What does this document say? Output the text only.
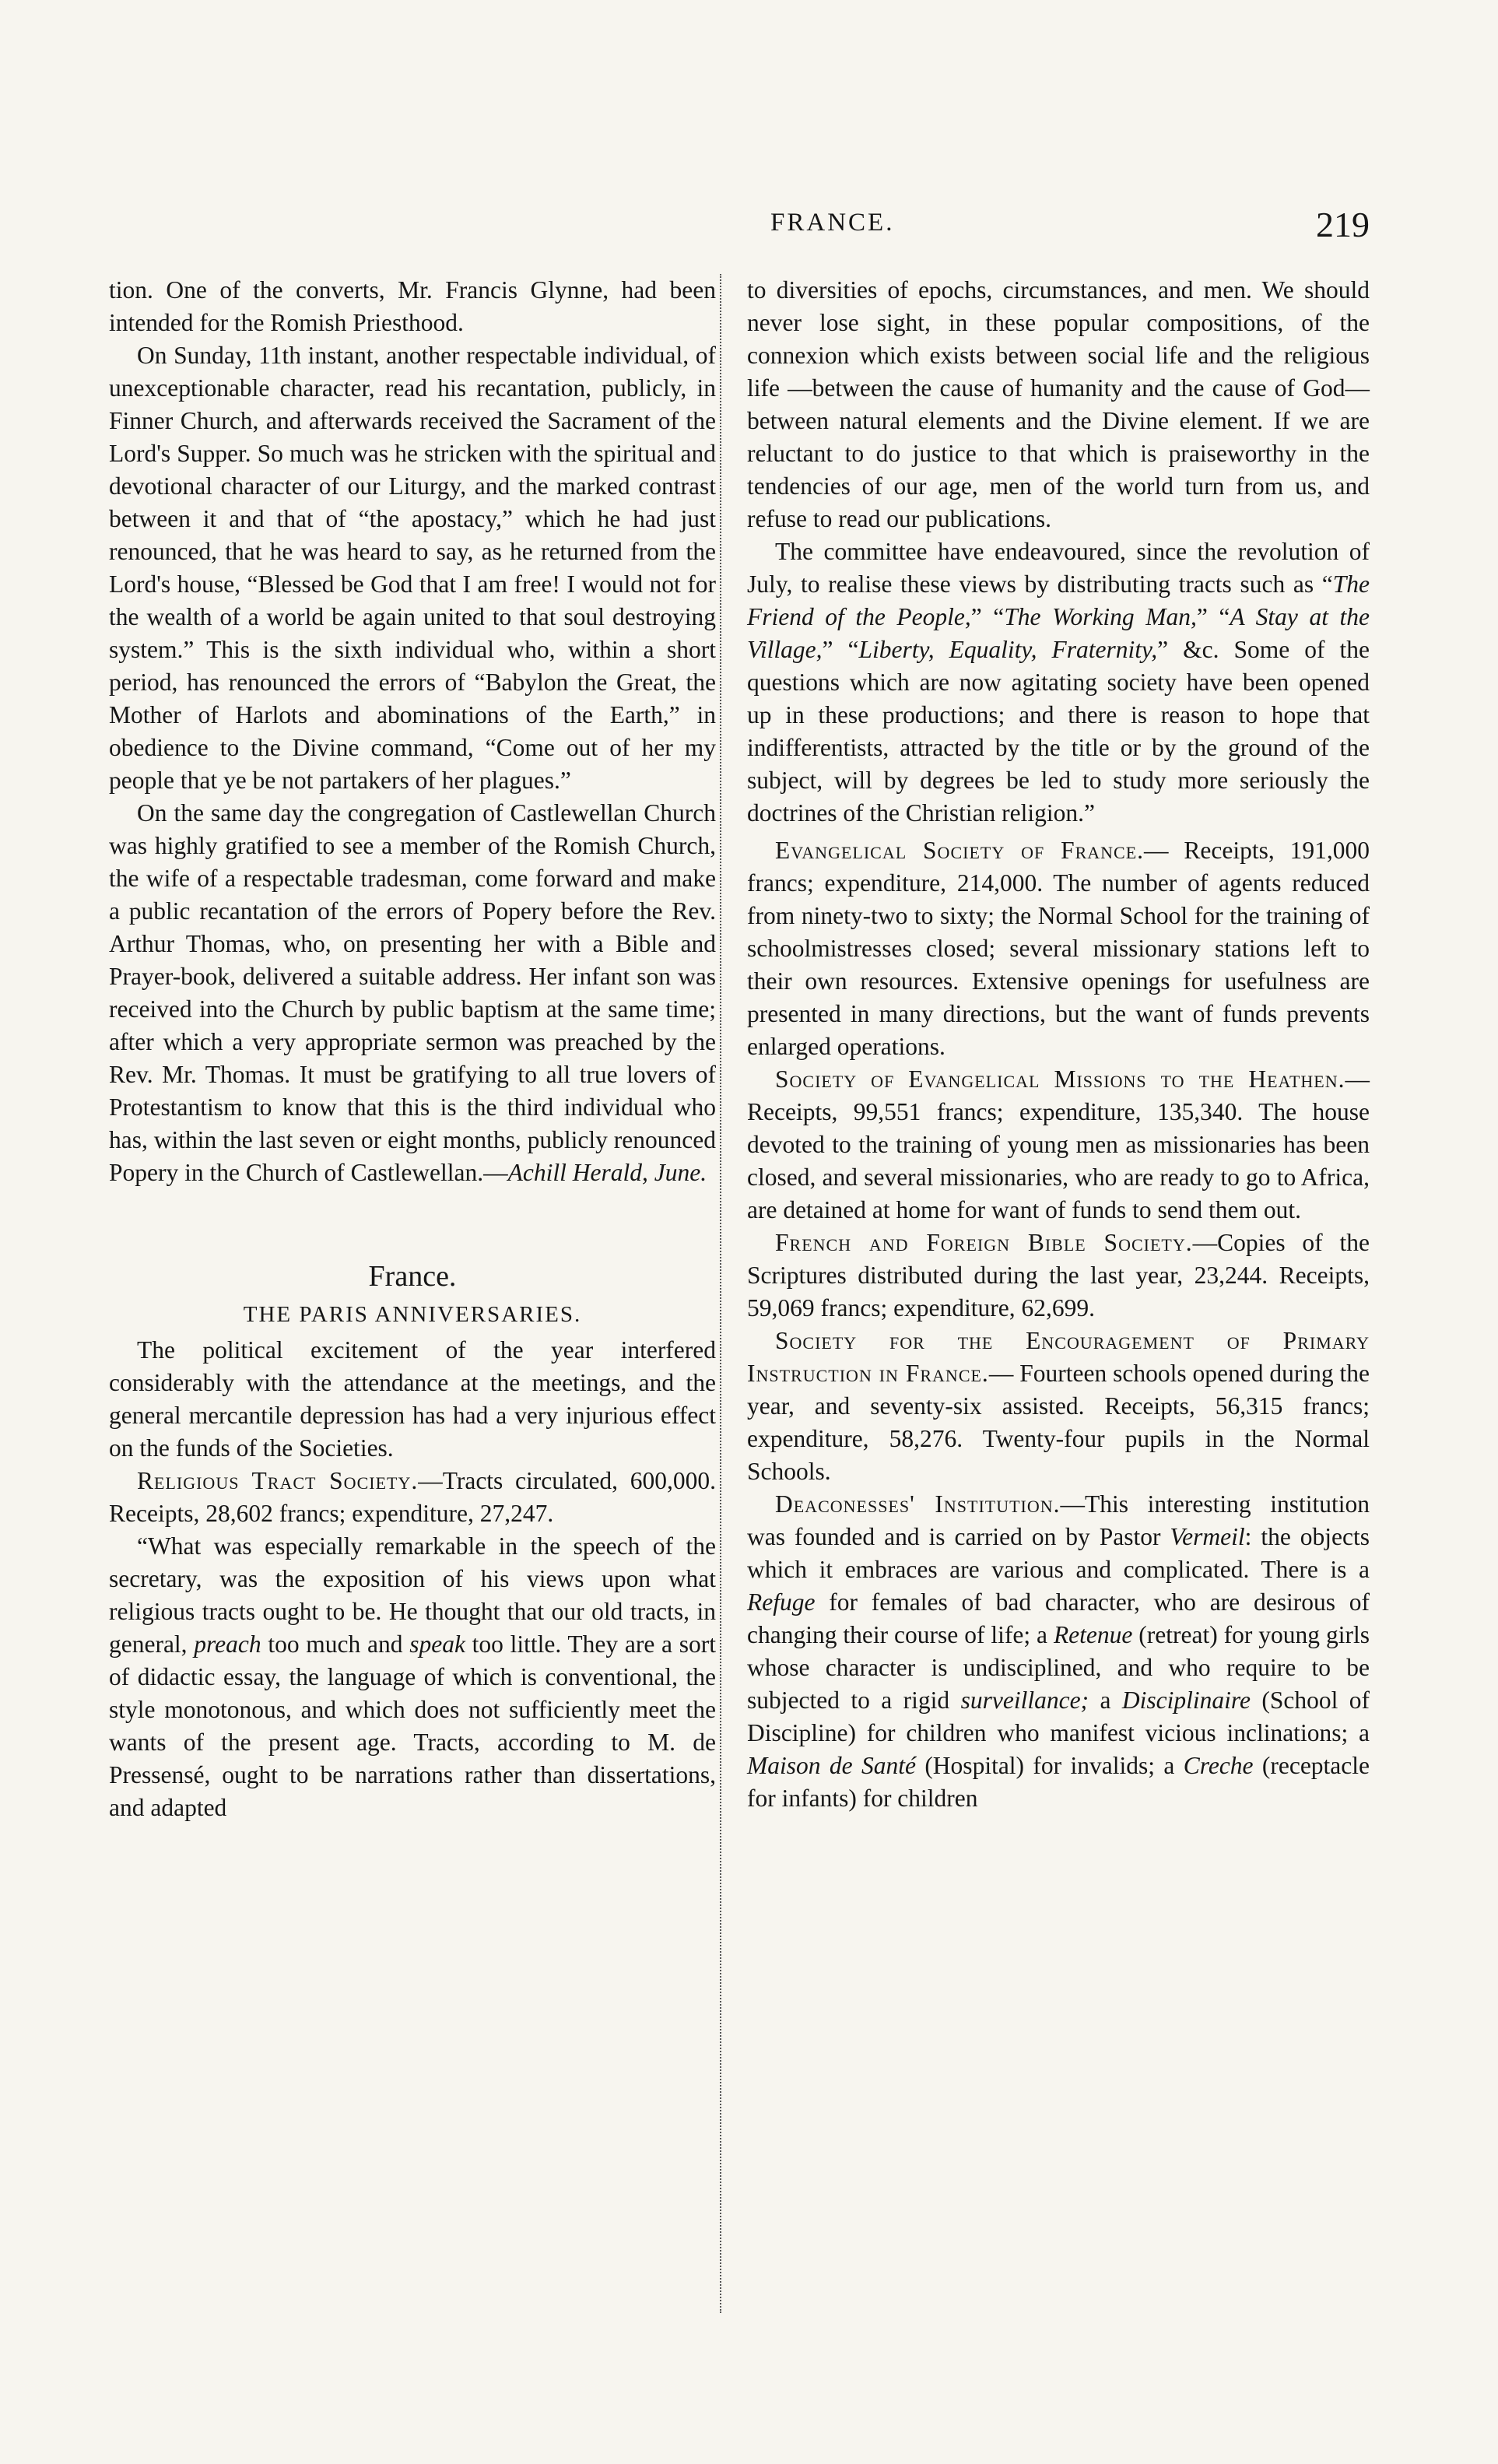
FRANCE.	219

tion. One of the converts, Mr. Francis Glynne, had been intended for the Romish Priesthood.

On Sunday, 11th instant, another respectable individual, of unexceptionable character, read his recantation, publicly, in Finner Church, and afterwards received the Sacrament of the Lord's Supper. So much was he stricken with the spiritual and devotional character of our Liturgy, and the marked contrast between it and that of “the apostacy,” which he had just renounced, that he was heard to say, as he returned from the Lord's house, “Blessed be God that I am free! I would not for the wealth of a world be again united to that soul destroying system.” This is the sixth individual who, within a short period, has renounced the errors of “Babylon the Great, the Mother of Harlots and abominations of the Earth,” in obedience to the Divine command, “Come out of her my people that ye be not partakers of her plagues.”

On the same day the congregation of Castlewellan Church was highly gratified to see a member of the Romish Church, the wife of a respectable tradesman, come forward and make a public recantation of the errors of Popery before the Rev. Arthur Thomas, who, on presenting her with a Bible and Prayer-book, delivered a suitable address. Her infant son was received into the Church by public baptism at the same time; after which a very appropriate sermon was preached by the Rev. Mr. Thomas. It must be gratifying to all true lovers of Protestantism to know that this is the third individual who has, within the last seven or eight months, publicly renounced Popery in the Church of Castlewellan.—Achill Herald, June.

France.
THE PARIS ANNIVERSARIES.

The political excitement of the year interfered considerably with the attendance at the meetings, and the general mercantile depression has had a very injurious effect on the funds of the Societies.

Religious Tract Society.—Tracts circulated, 600,000. Receipts, 28,602 francs; expenditure, 27,247.

“What was especially remarkable in the speech of the secretary, was the exposition of his views upon what religious tracts ought to be. He thought that our old tracts, in general, preach too much and speak too little. They are a sort of didactic essay, the language of which is conventional, the style monotonous, and which does not sufficiently meet the wants of the present age. Tracts, according to M. de Pressensé, ought to be narrations rather than dissertations, and adapted

to diversities of epochs, circumstances, and men. We should never lose sight, in these popular compositions, of the connexion which exists between social life and the religious life —between the cause of humanity and the cause of God—between natural elements and the Divine element. If we are reluctant to do justice to that which is praiseworthy in the tendencies of our age, men of the world turn from us, and refuse to read our publications.

The committee have endeavoured, since the revolution of July, to realise these views by distributing tracts such as “The Friend of the People,” “The Working Man,” “A Stay at the Village,” “Liberty, Equality, Fraternity,” &c. Some of the questions which are now agitating society have been opened up in these productions; and there is reason to hope that indifferentists, attracted by the title or by the ground of the subject, will by degrees be led to study more seriously the doctrines of the Christian religion.”

Evangelical Society of France.— Receipts, 191,000 francs; expenditure, 214,000. The number of agents reduced from ninety-two to sixty; the Normal School for the training of schoolmistresses closed; several missionary stations left to their own resources. Extensive openings for usefulness are presented in many directions, but the want of funds prevents enlarged operations.

Society of Evangelical Missions to the Heathen.—Receipts, 99,551 francs; expenditure, 135,340. The house devoted to the training of young men as missionaries has been closed, and several missionaries, who are ready to go to Africa, are detained at home for want of funds to send them out.

French and Foreign Bible Society.—Copies of the Scriptures distributed during the last year, 23,244. Receipts, 59,069 francs; expenditure, 62,699.

Society for the Encouragement of Primary Instruction in France.— Fourteen schools opened during the year, and seventy-six assisted. Receipts, 56,315 francs; expenditure, 58,276. Twenty-four pupils in the Normal Schools.

Deaconesses' Institution.—This interesting institution was founded and is carried on by Pastor Vermeil: the objects which it embraces are various and complicated. There is a Refuge for females of bad character, who are desirous of changing their course of life; a Retenue (retreat) for young girls whose character is undisciplined, and who require to be subjected to a rigid surveillance; a Disciplinaire (School of Discipline) for children who manifest vicious inclinations; a Maison de Santé (Hospital) for invalids; a Creche (receptacle for infants) for children
